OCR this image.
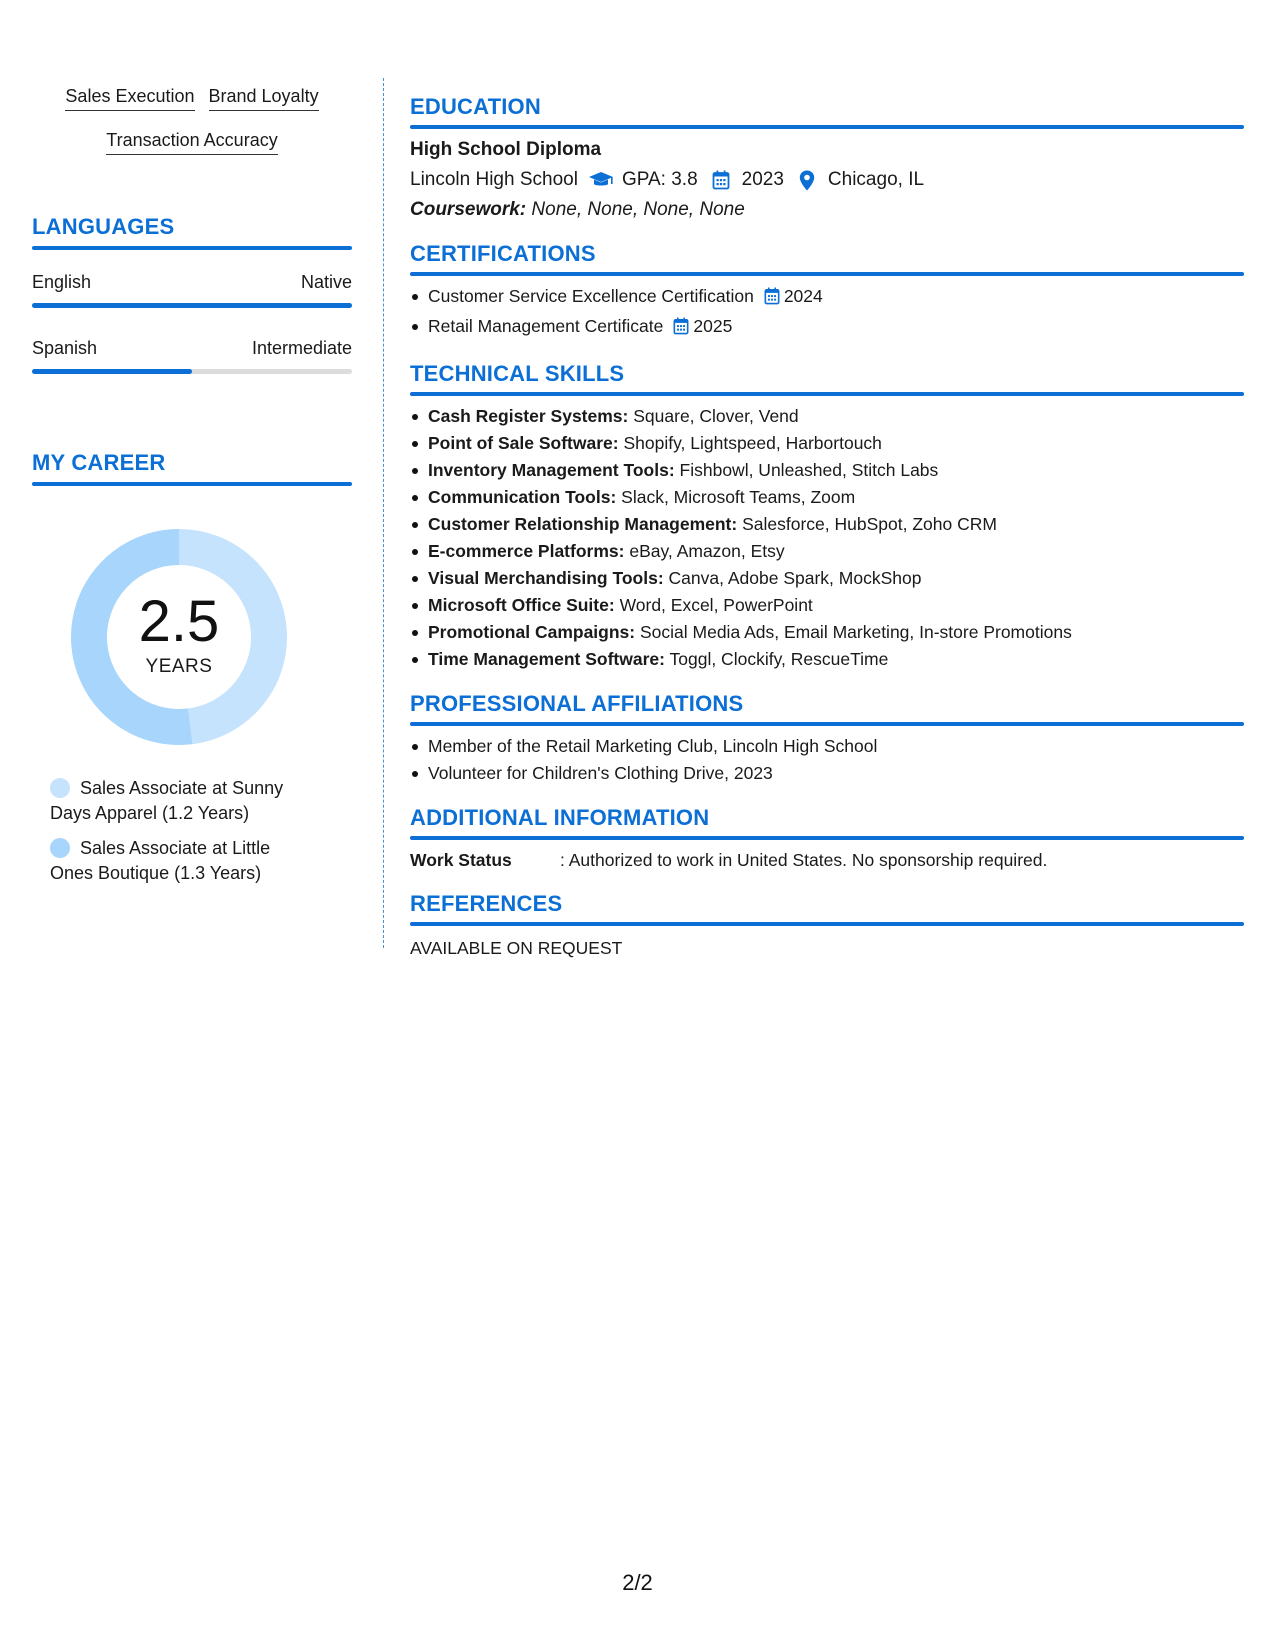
Sales Execution Brand Loyalty
Transaction Accuracy
LANGUAGES
English	Native
Spanish	Intermediate
MY CAREER
2.5
YEARS
Sales Associate at Sunny Days Apparel (1.2 Years)
Sales Associate at Little Ones Boutique (1.3 Years)
EDUCATION
High School Diploma
Lincoln High School GPA: 3.8 2023 Chicago, IL
Coursework: None, None, None, None
CERTIFICATIONS
Customer Service Excellence Certification 2024
Retail Management Certificate 2025
TECHNICAL SKILLS
Cash Register Systems: Square, Clover, Vend
Point of Sale Software: Shopify, Lightspeed, Harbortouch
Inventory Management Tools: Fishbowl, Unleashed, Stitch Labs
Communication Tools: Slack, Microsoft Teams, Zoom
Customer Relationship Management: Salesforce, HubSpot, Zoho CRM
E-commerce Platforms: eBay, Amazon, Etsy
Visual Merchandising Tools: Canva, Adobe Spark, MockShop
Microsoft Office Suite: Word, Excel, PowerPoint
Promotional Campaigns: Social Media Ads, Email Marketing, In-store Promotions
Time Management Software: Toggl, Clockify, RescueTime
PROFESSIONAL AFFILIATIONS
Member of the Retail Marketing Club, Lincoln High School
Volunteer for Children's Clothing Drive, 2023
ADDITIONAL INFORMATION
Work Status	: Authorized to work in United States. No sponsorship required.
REFERENCES
AVAILABLE ON REQUEST
2/2
